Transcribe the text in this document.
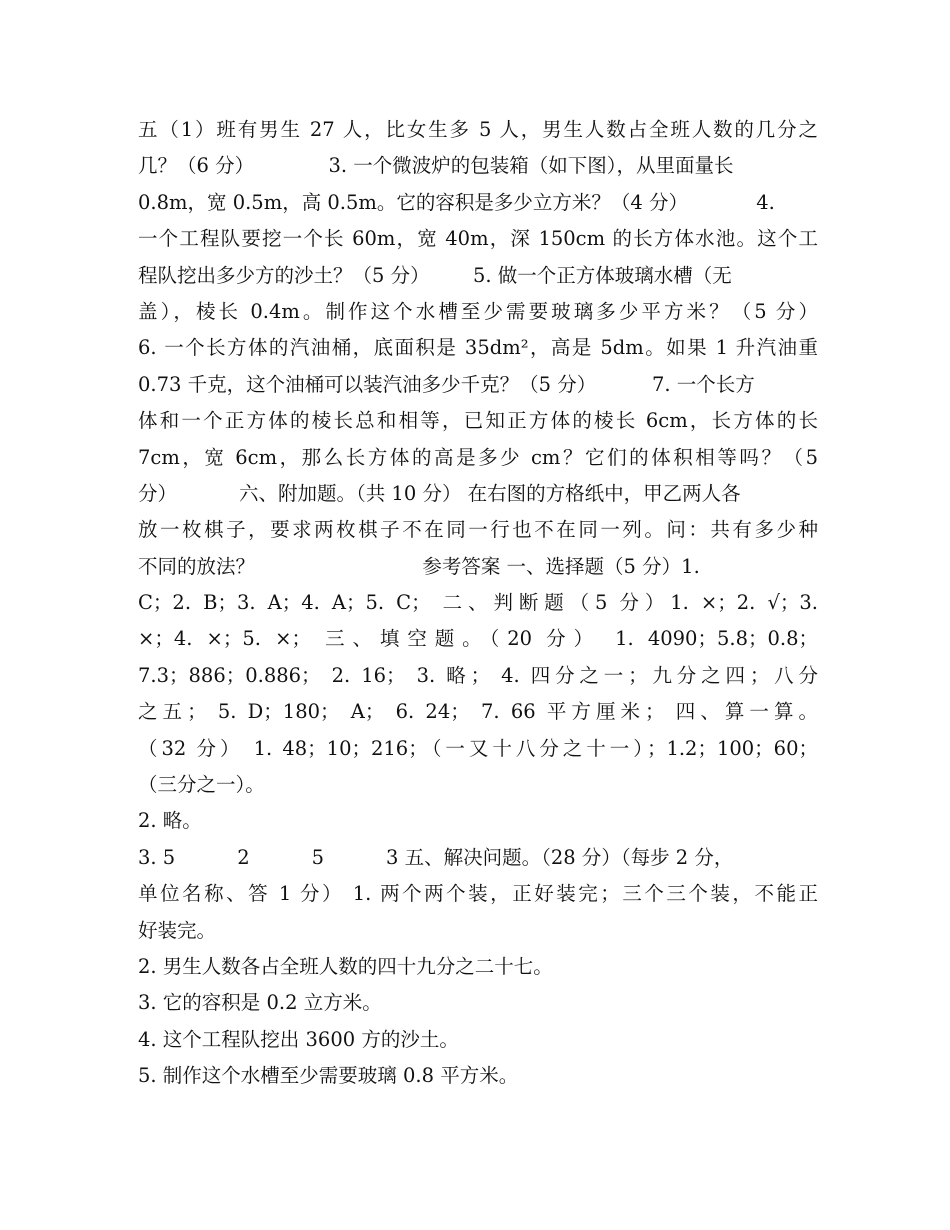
五（1）班有男生 27 人，比女生多 5 人，男生人数占全班人数的几分之
几？（6 分）            3. 一个微波炉的包装箱（如下图），从里面量长
0.8m，宽 0.5m，高 0.5m。它的容积是多少立方米？（4 分）           4.
一个工程队要挖一个长 60m，宽 40m，深 150cm 的长方体水池。这个工
程队挖出多少方的沙土？（5 分）       5. 做一个正方体玻璃水槽（无
盖），棱长 0.4m。制作这个水槽至少需要玻璃多少平方米？（5 分）
6. 一个长方体的汽油桶，底面积是 35dm²，高是 5dm。如果 1 升汽油重
0.73 千克，这个油桶可以装汽油多少千克？（5 分）         7. 一个长方
体和一个正方体的棱长总和相等，已知正方体的棱长 6cm，长方体的长
7cm，宽 6cm，那么长方体的高是多少 cm？它们的体积相等吗？（5
分）          六、附加题。（共 10 分） 在右图的方格纸中，甲乙两人各
放一枚棋子，要求两枚棋子不在同一行也不在同一列。问：共有多少种
不同的放法？                           参考答案 一、选择题（5 分）1.
C；2. B；3. A；4. A；5. C； 二、判断题（5 分）1. ×；2. √；3.
×；4. ×；5. ×； 三、填空题。（20 分） 1. 4090；5.8；0.8；
7.3；886；0.886； 2. 16； 3. 略； 4. 四分之一；九分之四；八分
之五； 5. D；180； A； 6. 24； 7. 66 平方厘米； 四、算一算。
（32 分） 1. 48；10；216；（一又十八分之十一）；1.2；100；60；
（三分之一）。
2. 略。
3. 5          2          5          3 五、解决问题。（28 分）（每步 2 分，
单位名称、答 1 分） 1. 两个两个装，正好装完；三个三个装，不能正
好装完。
2. 男生人数各占全班人数的四十九分之二十七。
3. 它的容积是 0.2 立方米。
4. 这个工程队挖出 3600 方的沙土。
5. 制作这个水槽至少需要玻璃 0.8 平方米。
